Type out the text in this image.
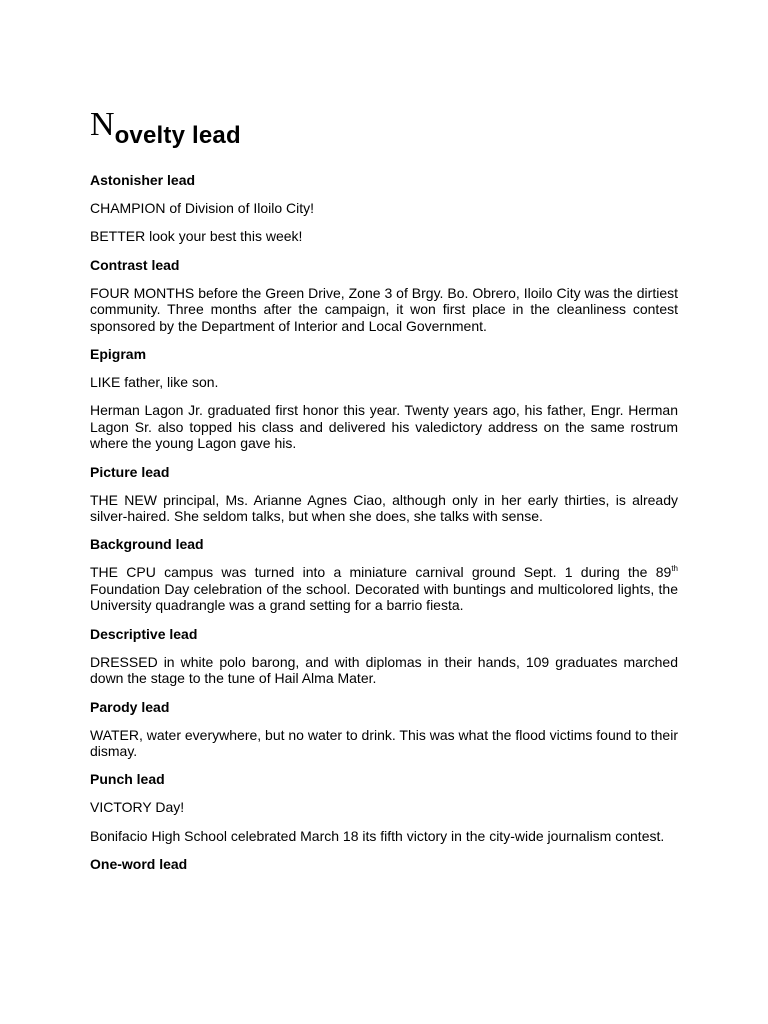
$N_{ovelty lead}$
Astonisher lead

CHAMPION of Division of Iloilo City!

BETTER look your best this week!

Contrast lead

FOUR MONTHS before the Green Drive, Zone 3 of Brgy. Bo. Obrero, Iloilo City was the dirtiest community. Three months after the campaign, it won first place in the cleanliness contest sponsored by the Department of Interior and Local Government.

Epigram

LIKE father, like son.

Herman Lagon Jr. graduated first honor this year. Twenty years ago, his father, Engr. Herman Lagon Sr. also topped his class and delivered his valedictory address on the same rostrum where the young Lagon gave his.

Picture lead

THE NEW principal, Ms. Arianne Agnes Ciao, although only in her early thirties, is already silver-haired. She seldom talks, but when she does, she talks with sense.

Background lead

THE CPU campus was turned into a miniature carnival ground Sept. 1 during the 89th Foundation Day celebration of the school. Decorated with buntings and multicolored lights, the University quadrangle was a grand setting for a barrio fiesta.

Descriptive lead

DRESSED in white polo barong, and with diplomas in their hands, 109 graduates marched down the stage to the tune of Hail Alma Mater.

Parody lead

WATER, water everywhere, but no water to drink. This was what the flood victims found to their dismay.

Punch lead

VICTORY Day!

Bonifacio High School celebrated March 18 its fifth victory in the city-wide journalism contest.

One-word lead
